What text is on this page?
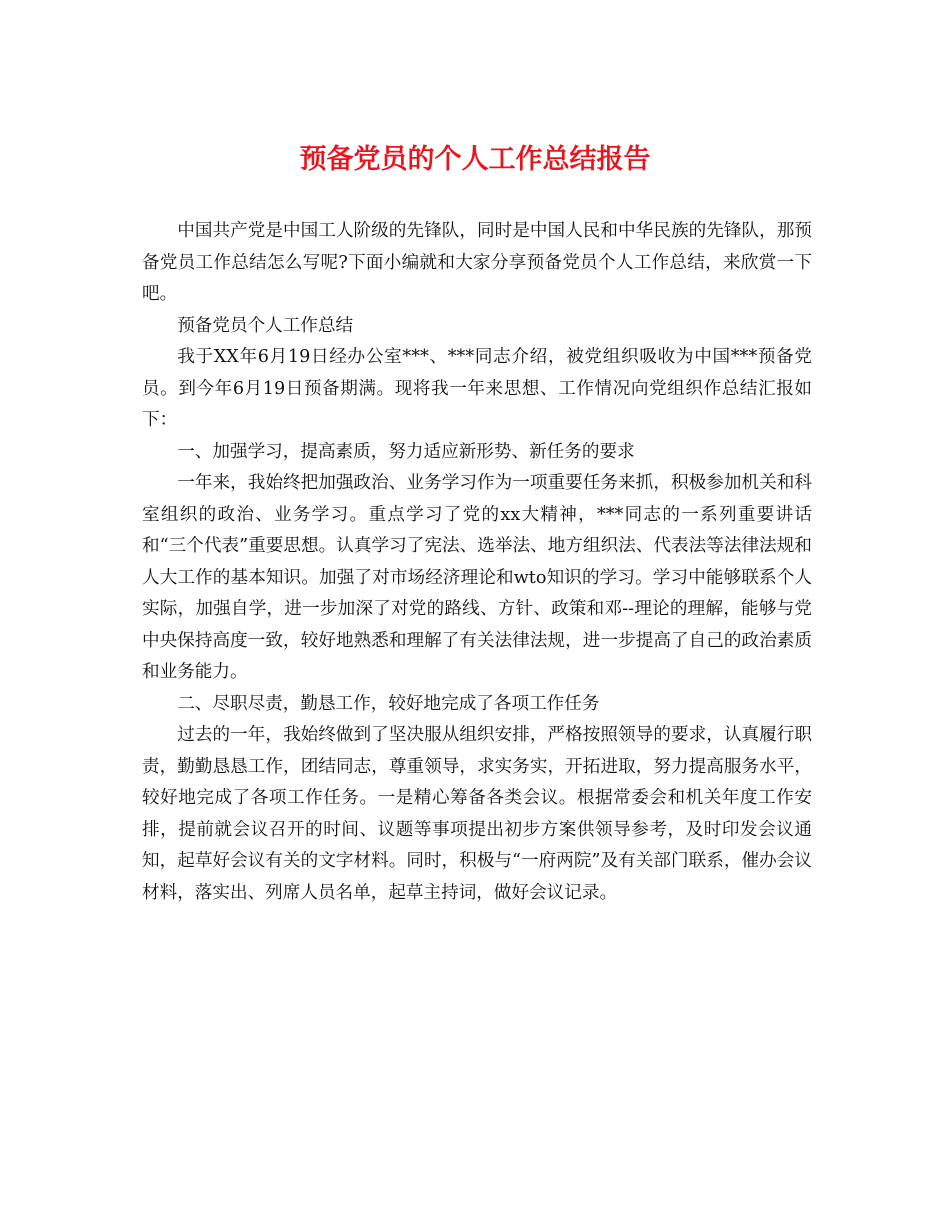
预备党员的个人工作总结报告

中国共产党是中国工人阶级的先锋队，同时是中国人民和中华民族的先锋队，那预备党员工作总结怎么写呢?下面小编就和大家分享预备党员个人工作总结，来欣赏一下吧。

预备党员个人工作总结

我于XX年6月19日经办公室***、***同志介绍，被党组织吸收为中国***预备党员。到今年6月19日预备期满。现将我一年来思想、工作情况向党组织作总结汇报如下：

一、加强学习，提高素质，努力适应新形势、新任务的要求

一年来，我始终把加强政治、业务学习作为一项重要任务来抓，积极参加机关和科室组织的政治、业务学习。重点学习了党的xx大精神，***同志的一系列重要讲话和“三个代表”重要思想。认真学习了宪法、选举法、地方组织法、代表法等法律法规和人大工作的基本知识。加强了对市场经济理论和wto知识的学习。学习中能够联系个人实际，加强自学，进一步加深了对党的路线、方针、政策和邓--理论的理解，能够与党中央保持高度一致，较好地熟悉和理解了有关法律法规，进一步提高了自己的政治素质和业务能力。

二、尽职尽责，勤恳工作，较好地完成了各项工作任务

过去的一年，我始终做到了坚决服从组织安排，严格按照领导的要求，认真履行职责，勤勤恳恳工作，团结同志，尊重领导，求实务实，开拓进取，努力提高服务水平，较好地完成了各项工作任务。一是精心筹备各类会议。根据常委会和机关年度工作安排，提前就会议召开的时间、议题等事项提出初步方案供领导参考，及时印发会议通知，起草好会议有关的文字材料。同时，积极与“一府两院”及有关部门联系，催办会议材料，落实出、列席人员名单，起草主持词，做好会议记录。
